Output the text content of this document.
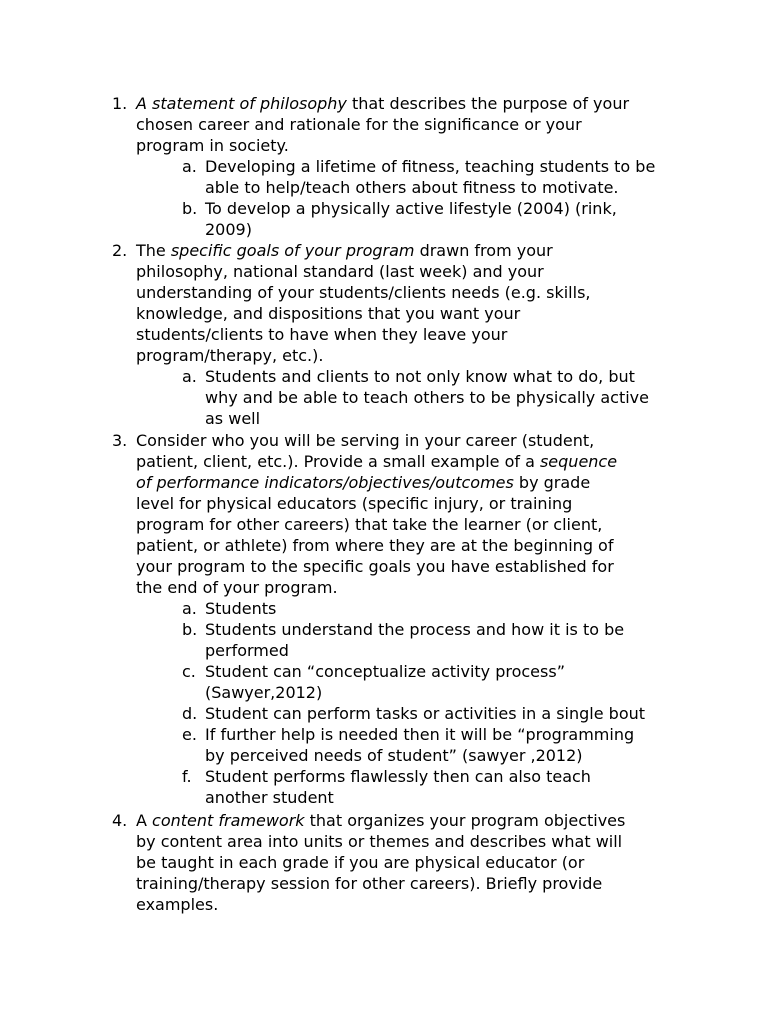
1. A statement of philosophy that describes the purpose of your
chosen career and rationale for the significance or your
program in society.
a. Developing a lifetime of fitness, teaching students to be
able to help/teach others about fitness to motivate.
b. To develop a physically active lifestyle (2004) (rink,
2009)
2. The specific goals of your program drawn from your
philosophy, national standard (last week) and your
understanding of your students/clients needs (e.g. skills,
knowledge, and dispositions that you want your
students/clients to have when they leave your
program/therapy, etc.).
a. Students and clients to not only know what to do, but
why and be able to teach others to be physically active
as well
3. Consider who you will be serving in your career (student,
patient, client, etc.). Provide a small example of a sequence
of performance indicators/objectives/outcomes by grade
level for physical educators (specific injury, or training
program for other careers) that take the learner (or client,
patient, or athlete) from where they are at the beginning of
your program to the specific goals you have established for
the end of your program.
a. Students
b. Students understand the process and how it is to be
performed
c. Student can “conceptualize activity process”
(Sawyer,2012)
d. Student can perform tasks or activities in a single bout
e. If further help is needed then it will be “programming
by perceived needs of student” (sawyer ,2012)
f. Student performs flawlessly then can also teach
another student
4. A content framework that organizes your program objectives
by content area into units or themes and describes what will
be taught in each grade if you are physical educator (or
training/therapy session for other careers). Briefly provide
examples.
